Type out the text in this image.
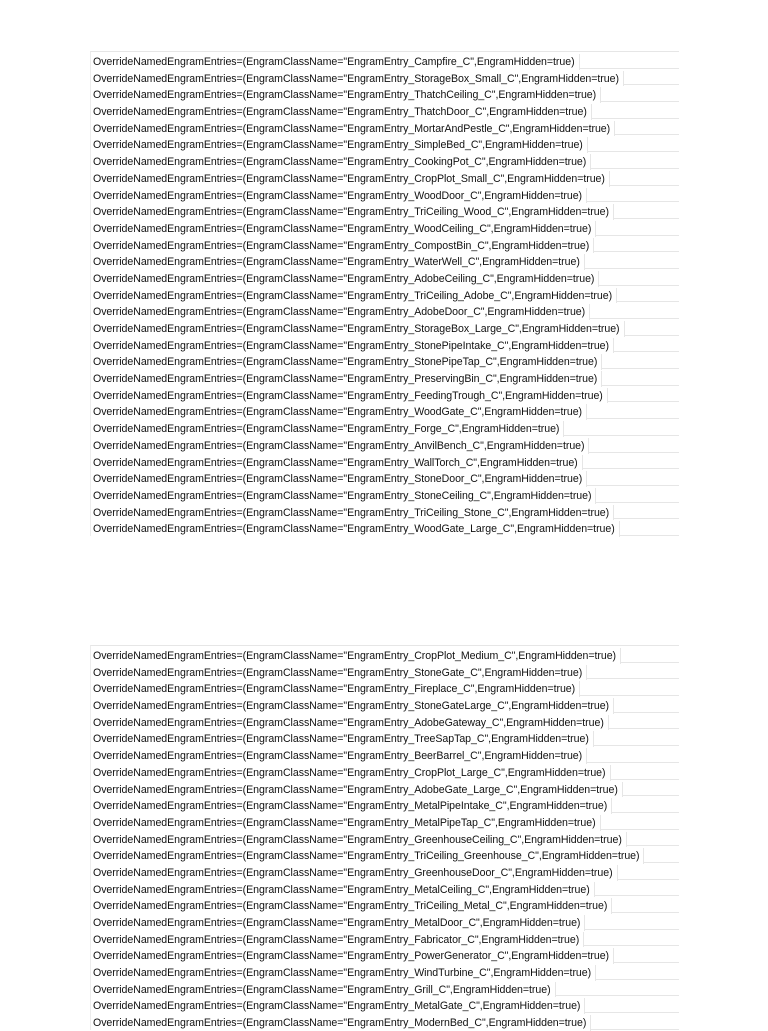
OverrideNamedEngramEntries=(EngramClassName="EngramEntry_Campfire_C",EngramHidden=true)
OverrideNamedEngramEntries=(EngramClassName="EngramEntry_StorageBox_Small_C",EngramHidden=true)
OverrideNamedEngramEntries=(EngramClassName="EngramEntry_ThatchCeiling_C",EngramHidden=true)
OverrideNamedEngramEntries=(EngramClassName="EngramEntry_ThatchDoor_C",EngramHidden=true)
OverrideNamedEngramEntries=(EngramClassName="EngramEntry_MortarAndPestle_C",EngramHidden=true)
OverrideNamedEngramEntries=(EngramClassName="EngramEntry_SimpleBed_C",EngramHidden=true)
OverrideNamedEngramEntries=(EngramClassName="EngramEntry_CookingPot_C",EngramHidden=true)
OverrideNamedEngramEntries=(EngramClassName="EngramEntry_CropPlot_Small_C",EngramHidden=true)
OverrideNamedEngramEntries=(EngramClassName="EngramEntry_WoodDoor_C",EngramHidden=true)
OverrideNamedEngramEntries=(EngramClassName="EngramEntry_TriCeiling_Wood_C",EngramHidden=true)
OverrideNamedEngramEntries=(EngramClassName="EngramEntry_WoodCeiling_C",EngramHidden=true)
OverrideNamedEngramEntries=(EngramClassName="EngramEntry_CompostBin_C",EngramHidden=true)
OverrideNamedEngramEntries=(EngramClassName="EngramEntry_WaterWell_C",EngramHidden=true)
OverrideNamedEngramEntries=(EngramClassName="EngramEntry_AdobeCeiling_C",EngramHidden=true)
OverrideNamedEngramEntries=(EngramClassName="EngramEntry_TriCeiling_Adobe_C",EngramHidden=true)
OverrideNamedEngramEntries=(EngramClassName="EngramEntry_AdobeDoor_C",EngramHidden=true)
OverrideNamedEngramEntries=(EngramClassName="EngramEntry_StorageBox_Large_C",EngramHidden=true)
OverrideNamedEngramEntries=(EngramClassName="EngramEntry_StonePipeIntake_C",EngramHidden=true)
OverrideNamedEngramEntries=(EngramClassName="EngramEntry_StonePipeTap_C",EngramHidden=true)
OverrideNamedEngramEntries=(EngramClassName="EngramEntry_PreservingBin_C",EngramHidden=true)
OverrideNamedEngramEntries=(EngramClassName="EngramEntry_FeedingTrough_C",EngramHidden=true)
OverrideNamedEngramEntries=(EngramClassName="EngramEntry_WoodGate_C",EngramHidden=true)
OverrideNamedEngramEntries=(EngramClassName="EngramEntry_Forge_C",EngramHidden=true)
OverrideNamedEngramEntries=(EngramClassName="EngramEntry_AnvilBench_C",EngramHidden=true)
OverrideNamedEngramEntries=(EngramClassName="EngramEntry_WallTorch_C",EngramHidden=true)
OverrideNamedEngramEntries=(EngramClassName="EngramEntry_StoneDoor_C",EngramHidden=true)
OverrideNamedEngramEntries=(EngramClassName="EngramEntry_StoneCeiling_C",EngramHidden=true)
OverrideNamedEngramEntries=(EngramClassName="EngramEntry_TriCeiling_Stone_C",EngramHidden=true)
OverrideNamedEngramEntries=(EngramClassName="EngramEntry_WoodGate_Large_C",EngramHidden=true)
OverrideNamedEngramEntries=(EngramClassName="EngramEntry_CropPlot_Medium_C",EngramHidden=true)
OverrideNamedEngramEntries=(EngramClassName="EngramEntry_StoneGate_C",EngramHidden=true)
OverrideNamedEngramEntries=(EngramClassName="EngramEntry_Fireplace_C",EngramHidden=true)
OverrideNamedEngramEntries=(EngramClassName="EngramEntry_StoneGateLarge_C",EngramHidden=true)
OverrideNamedEngramEntries=(EngramClassName="EngramEntry_AdobeGateway_C",EngramHidden=true)
OverrideNamedEngramEntries=(EngramClassName="EngramEntry_TreeSapTap_C",EngramHidden=true)
OverrideNamedEngramEntries=(EngramClassName="EngramEntry_BeerBarrel_C",EngramHidden=true)
OverrideNamedEngramEntries=(EngramClassName="EngramEntry_CropPlot_Large_C",EngramHidden=true)
OverrideNamedEngramEntries=(EngramClassName="EngramEntry_AdobeGate_Large_C",EngramHidden=true)
OverrideNamedEngramEntries=(EngramClassName="EngramEntry_MetalPipeIntake_C",EngramHidden=true)
OverrideNamedEngramEntries=(EngramClassName="EngramEntry_MetalPipeTap_C",EngramHidden=true)
OverrideNamedEngramEntries=(EngramClassName="EngramEntry_GreenhouseCeiling_C",EngramHidden=true)
OverrideNamedEngramEntries=(EngramClassName="EngramEntry_TriCeiling_Greenhouse_C",EngramHidden=true)
OverrideNamedEngramEntries=(EngramClassName="EngramEntry_GreenhouseDoor_C",EngramHidden=true)
OverrideNamedEngramEntries=(EngramClassName="EngramEntry_MetalCeiling_C",EngramHidden=true)
OverrideNamedEngramEntries=(EngramClassName="EngramEntry_TriCeiling_Metal_C",EngramHidden=true)
OverrideNamedEngramEntries=(EngramClassName="EngramEntry_MetalDoor_C",EngramHidden=true)
OverrideNamedEngramEntries=(EngramClassName="EngramEntry_Fabricator_C",EngramHidden=true)
OverrideNamedEngramEntries=(EngramClassName="EngramEntry_PowerGenerator_C",EngramHidden=true)
OverrideNamedEngramEntries=(EngramClassName="EngramEntry_WindTurbine_C",EngramHidden=true)
OverrideNamedEngramEntries=(EngramClassName="EngramEntry_Grill_C",EngramHidden=true)
OverrideNamedEngramEntries=(EngramClassName="EngramEntry_MetalGate_C",EngramHidden=true)
OverrideNamedEngramEntries=(EngramClassName="EngramEntry_ModernBed_C",EngramHidden=true)
